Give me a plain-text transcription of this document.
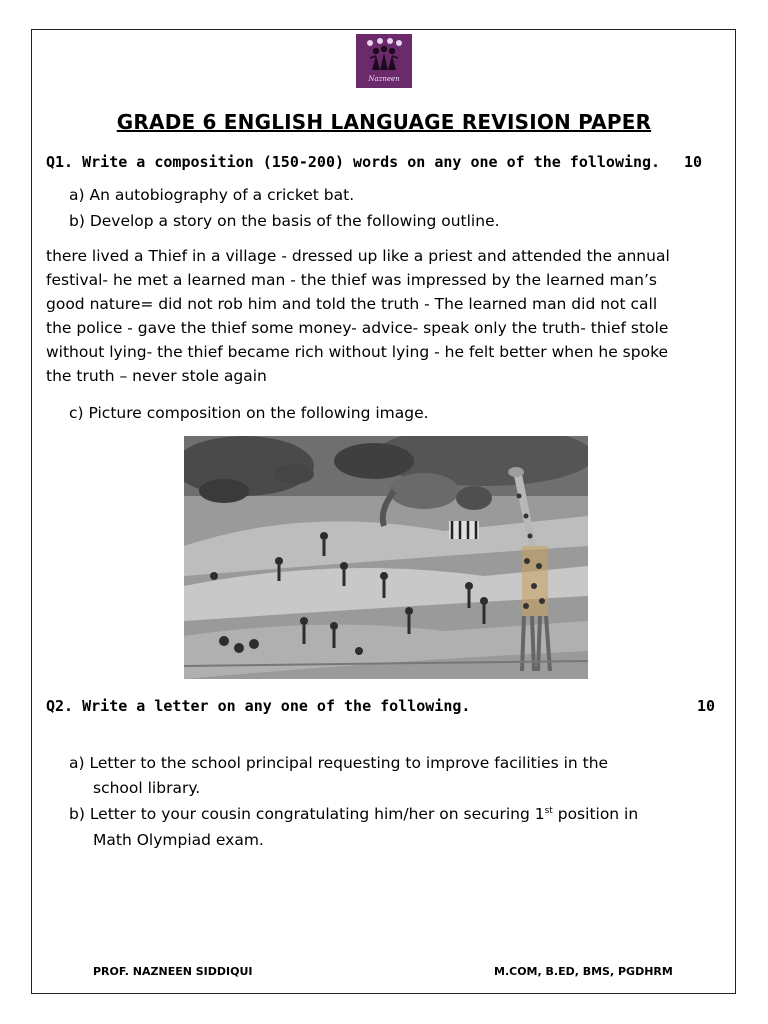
Nazneen
GRADE 6 ENGLISH LANGUAGE REVISION PAPER
Q1. Write a composition (150-200) words on any one of the following. 10
a) An autobiography of a cricket bat.
b) Develop a story on the basis of the following outline.
there lived a Thief in a village - dressed up like a priest and attended the annual
festival- he met a learned man - the thief was impressed by the learned man’s
good nature= did not rob him and told the truth - The learned man did not call
the police - gave the thief some money- advice- speak only the truth- thief stole
without lying- the thief became rich without lying - he felt better when he spoke
the truth – never stole again
c) Picture composition on the following image.
Q2. Write a letter on any one of the following.	10
a) Letter to the school principal requesting to improve facilities in the
school library.
b) Letter to your cousin congratulating him/her on securing 1st position in
Math Olympiad exam.
PROF. NAZNEEN SIDDIQUI	M.COM, B.ED, BMS, PGDHRM
